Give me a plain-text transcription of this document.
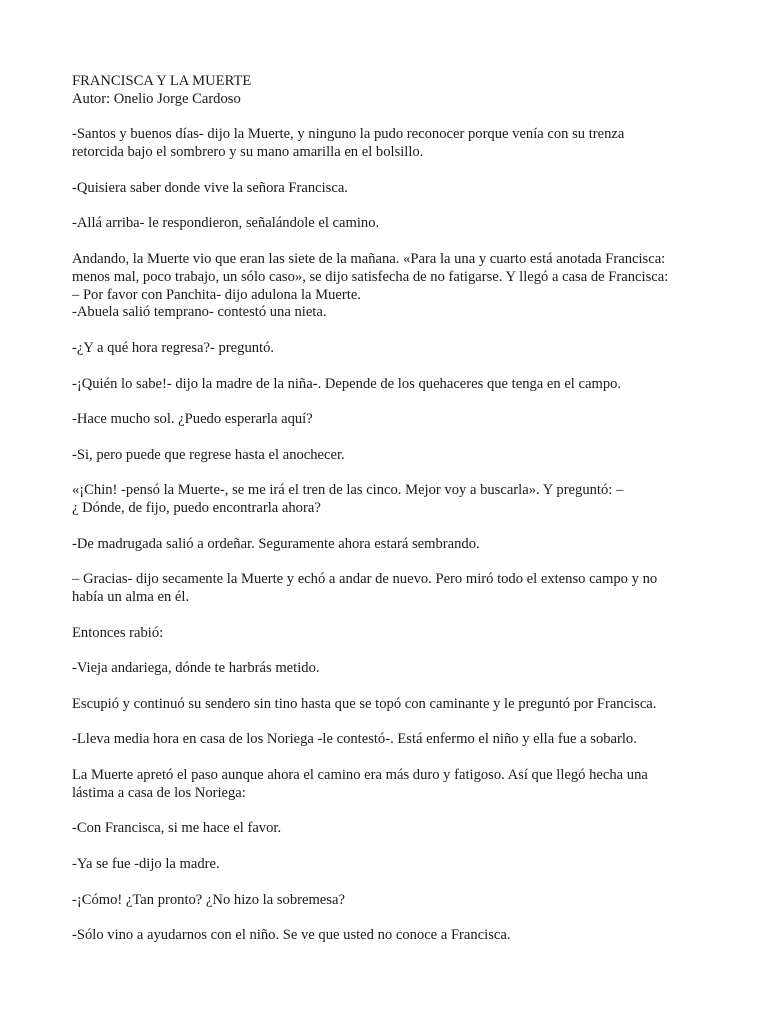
FRANCISCA Y LA MUERTE
Autor: Onelio Jorge Cardoso

-Santos y buenos días- dijo la Muerte, y ninguno la pudo reconocer porque venía con su trenza
retorcida bajo el sombrero y su mano amarilla en el bolsillo.

-Quisiera saber donde vive la señora Francisca.

-Allá arriba- le respondieron, señalándole el camino.

Andando, la Muerte vio que eran las siete de la mañana. «Para la una y cuarto está anotada Francisca:
menos mal, poco trabajo, un sólo caso», se dijo satisfecha de no fatigarse. Y llegó a casa de Francisca:
– Por favor con Panchita- dijo adulona la Muerte.
-Abuela salió temprano- contestó una nieta.

-¿Y a qué hora regresa?- preguntó.

-¡Quién lo sabe!- dijo la madre de la niña-. Depende de los quehaceres que tenga en el campo.

-Hace mucho sol. ¿Puedo esperarla aquí?

-Si, pero puede que regrese hasta el anochecer.

«¡Chin! -pensó la Muerte-, se me irá el tren de las cinco. Mejor voy a buscarla». Y preguntó: –
¿ Dónde, de fijo, puedo encontrarla ahora?

-De madrugada salió a ordeñar. Seguramente ahora estará sembrando.

– Gracias- dijo secamente la Muerte y echó a andar de nuevo. Pero miró todo el extenso campo y no
había un alma en él.

Entonces rabió:

-Vieja andariega, dónde te harbrás metido.

Escupió y continuó su sendero sin tino hasta que se topó con caminante y le preguntó por Francisca.

-Lleva media hora en casa de los Noriega -le contestó-. Está enfermo el niño y ella fue a sobarlo.

La Muerte apretó el paso aunque ahora el camino era más duro y fatigoso. Así que llegó hecha una
lástima a casa de los Noriega:

-Con Francisca, si me hace el favor.

-Ya se fue -dijo la madre.

-¡Cómo! ¿Tan pronto? ¿No hizo la sobremesa?

-Sólo vino a ayudarnos con el niño. Se ve que usted no conoce a Francisca.
